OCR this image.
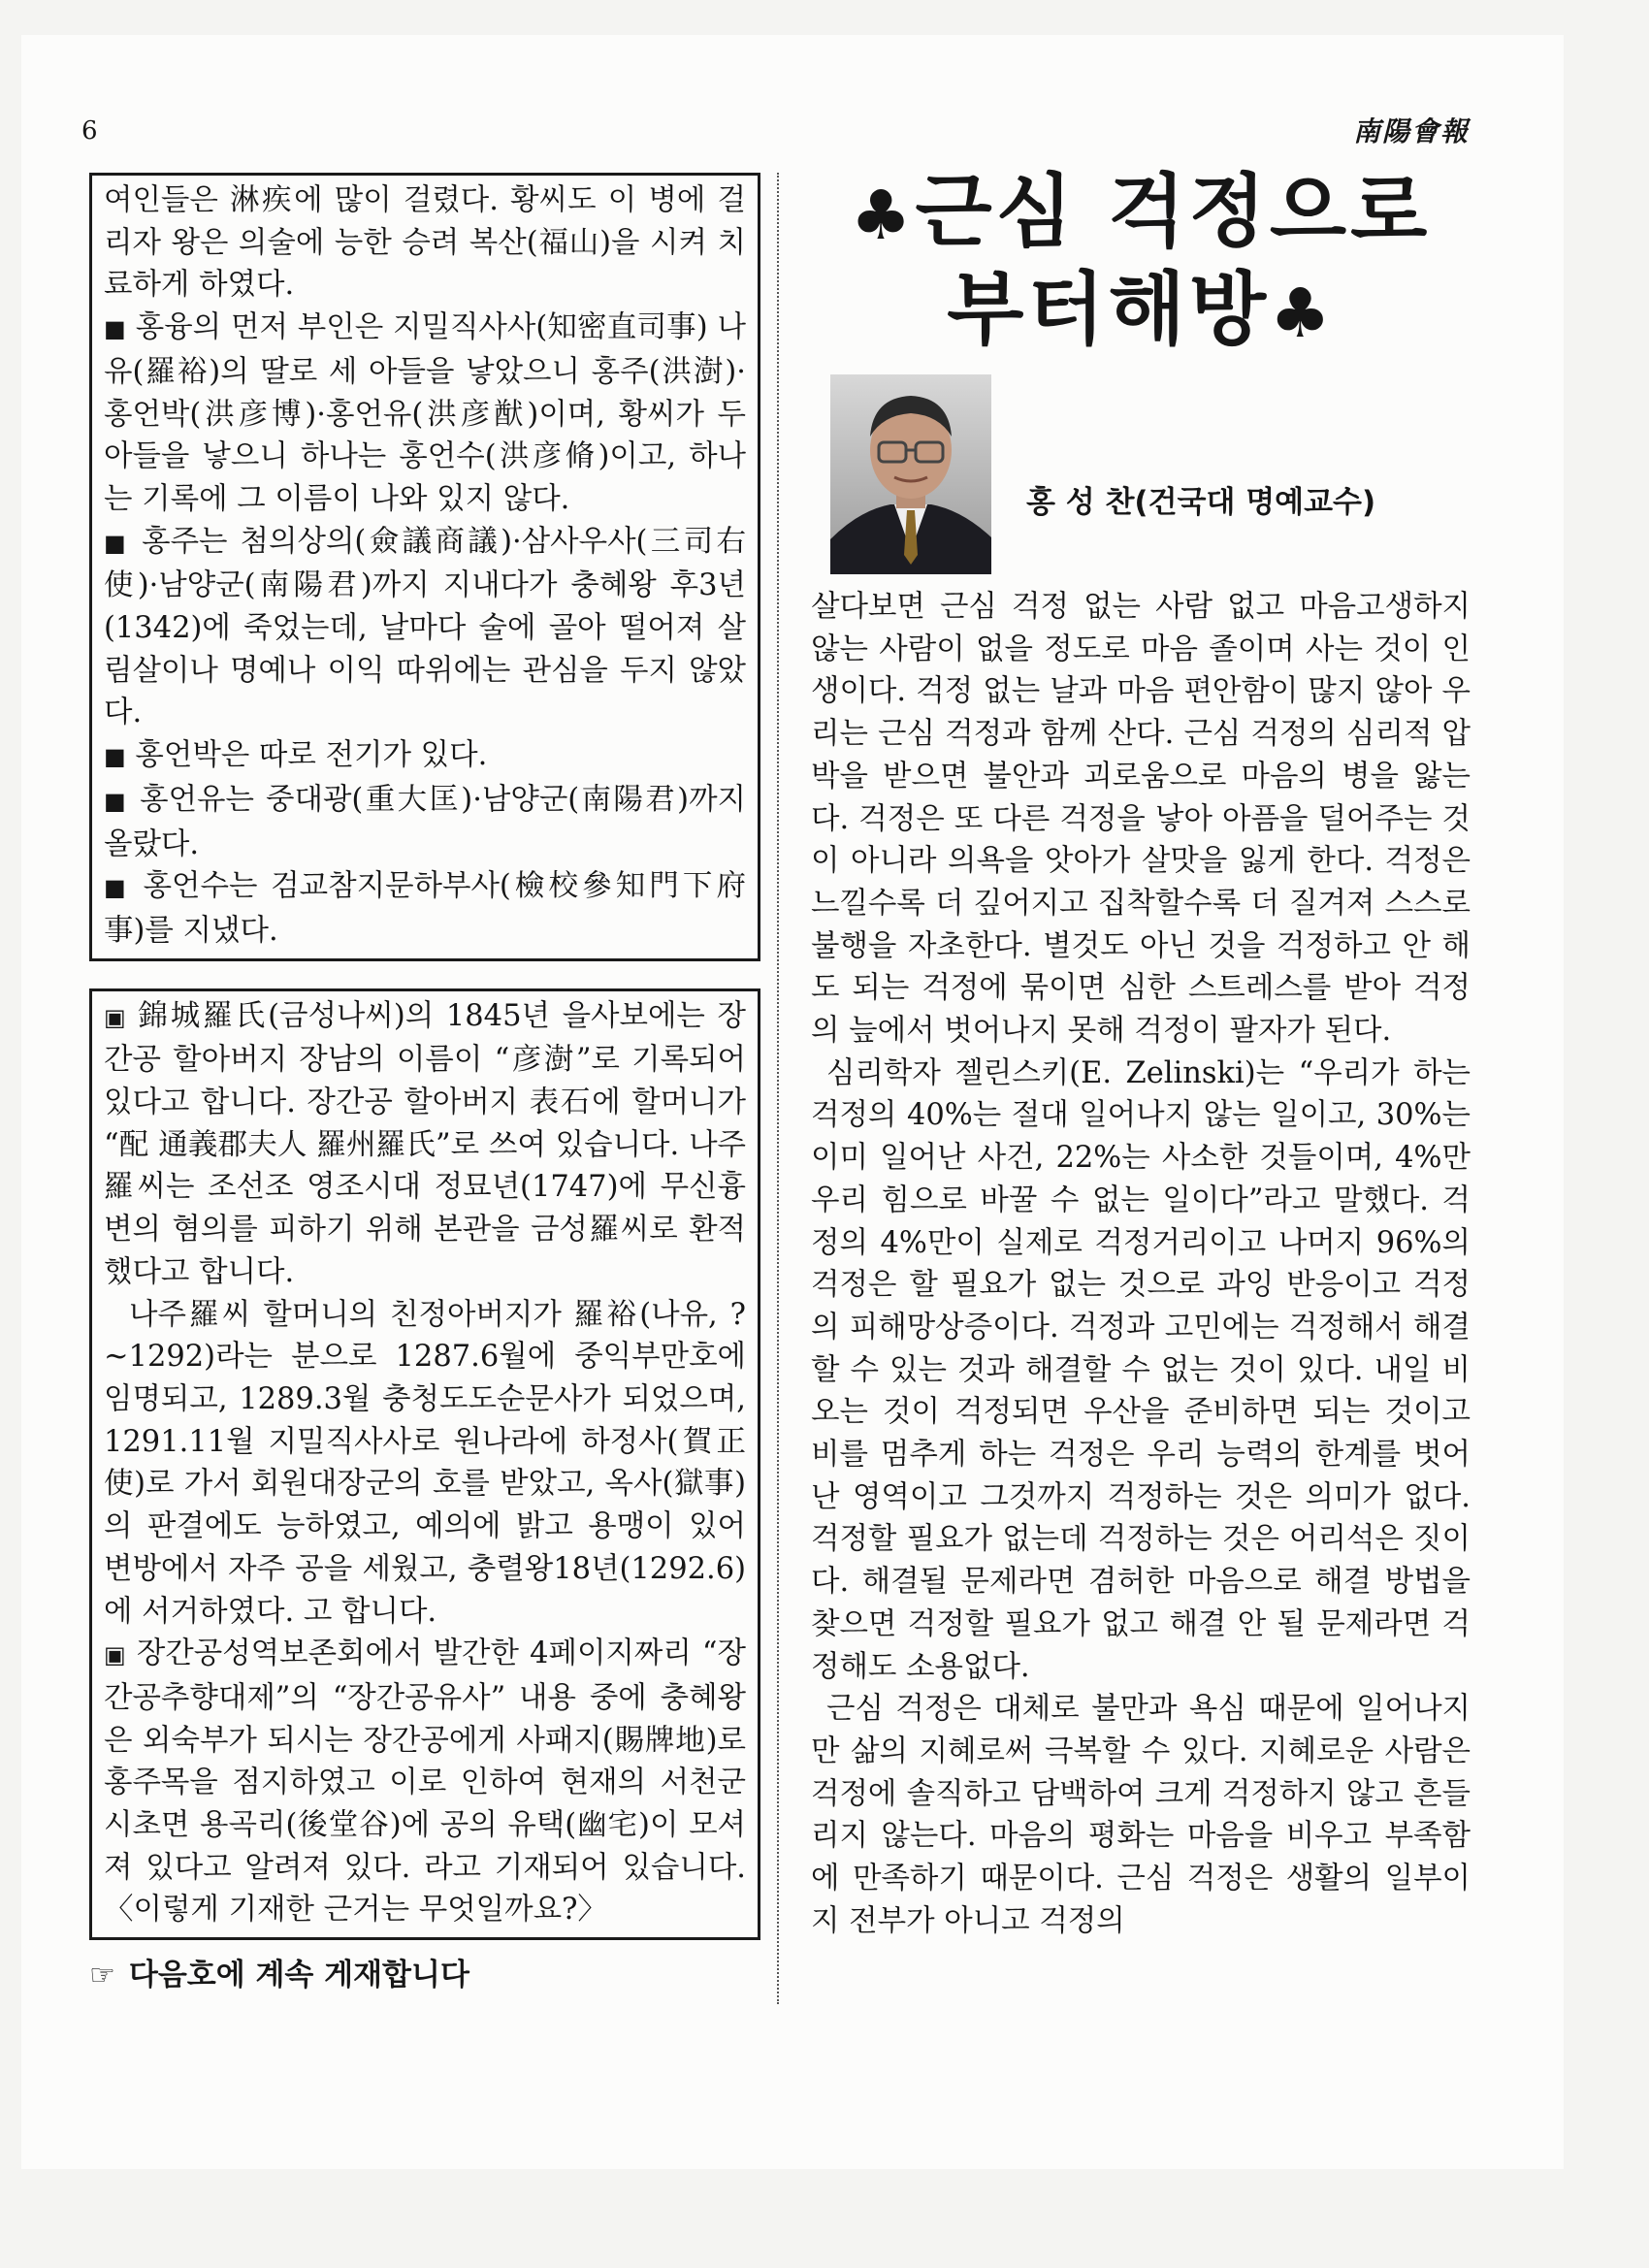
6	南陽會報

여인들은 淋疾에 많이 걸렸다. 황씨도 이 병에 걸리자 왕은 의술에 능한 승려 복산(福山)을 시켜 치료하게 하였다.

■ 홍융의 먼저 부인은 지밀직사사(知密直司事) 나유(羅裕)의 딸로 세 아들을 낳았으니 홍주(洪澍)·홍언박(洪彦博)·홍언유(洪彦猷)이며, 황씨가 두 아들을 낳으니 하나는 홍언수(洪彦脩)이고, 하나는 기록에 그 이름이 나와 있지 않다.

■ 홍주는 첨의상의(僉議商議)·삼사우사(三司右使)·남양군(南陽君)까지 지내다가 충혜왕 후3년(1342)에 죽었는데, 날마다 술에 골아 떨어져 살림살이나 명예나 이익 따위에는 관심을 두지 않았다.

■ 홍언박은 따로 전기가 있다.

■ 홍언유는 중대광(重大匡)·남양군(南陽君)까지 올랐다.

■ 홍언수는 검교참지문하부사(檢校參知門下府事)를 지냈다.

▣ 錦城羅氏(금성나씨)의 1845년 을사보에는 장간공 할아버지 장남의 이름이 “彦澍”로 기록되어 있다고 합니다. 장간공 할아버지 表石에 할머니가 “配 通義郡夫人 羅州羅氏”로 쓰여 있습니다. 나주羅씨는 조선조 영조시대 정묘년(1747)에 무신흉변의 혐의를 피하기 위해 본관을 금성羅씨로 환적했다고 합니다.

나주羅씨 할머니의 친정아버지가 羅裕(나유, ?~1292)라는 분으로 1287.6월에 중익부만호에 임명되고, 1289.3월 충청도도순문사가 되었으며, 1291.11월 지밀직사사로 원나라에 하정사(賀正使)로 가서 회원대장군의 호를 받았고, 옥사(獄事)의 판결에도 능하였고, 예의에 밝고 용맹이 있어 변방에서 자주 공을 세웠고, 충렬왕18년(1292.6)에 서거하였다. 고 합니다.

▣ 장간공성역보존회에서 발간한 4페이지짜리 “장간공추향대제”의 “장간공유사” 내용 중에 충혜왕은 외숙부가 되시는 장간공에게 사패지(賜牌地)로 홍주목을 점지하였고 이로 인하여 현재의 서천군 시초면 용곡리(後堂谷)에 공의 유택(幽宅)이 모셔져 있다고 알려져 있다. 라고 기재되어 있습니다. 〈이렇게 기재한 근거는 무엇일까요?〉

☞ 다음호에 계속 게재합니다
♣근심 걱정으로
부터해방♣
홍 성 찬(건국대 명예교수)

살다보면 근심 걱정 없는 사람 없고 마음고생하지 않는 사람이 없을 정도로 마음 졸이며 사는 것이 인생이다. 걱정 없는 날과 마음 편안함이 많지 않아 우리는 근심 걱정과 함께 산다. 근심 걱정의 심리적 압박을 받으면 불안과 괴로움으로 마음의 병을 앓는다. 걱정은 또 다른 걱정을 낳아 아픔을 덜어주는 것이 아니라 의욕을 앗아가 살맛을 잃게 한다. 걱정은 느낄수록 더 깊어지고 집착할수록 더 질겨져 스스로 불행을 자초한다. 별것도 아닌 것을 걱정하고 안 해도 되는 걱정에 묶이면 심한 스트레스를 받아 걱정의 늪에서 벗어나지 못해 걱정이 팔자가 된다.

심리학자 젤린스키(E. Zelinski)는 “우리가 하는 걱정의 40%는 절대 일어나지 않는 일이고, 30%는 이미 일어난 사건, 22%는 사소한 것들이며, 4%만 우리 힘으로 바꿀 수 없는 일이다”라고 말했다. 걱정의 4%만이 실제로 걱정거리이고 나머지 96%의 걱정은 할 필요가 없는 것으로 과잉 반응이고 걱정의 피해망상증이다. 걱정과 고민에는 걱정해서 해결할 수 있는 것과 해결할 수 없는 것이 있다. 내일 비 오는 것이 걱정되면 우산을 준비하면 되는 것이고 비를 멈추게 하는 걱정은 우리 능력의 한계를 벗어난 영역이고 그것까지 걱정하는 것은 의미가 없다. 걱정할 필요가 없는데 걱정하는 것은 어리석은 짓이다. 해결될 문제라면 겸허한 마음으로 해결 방법을 찾으면 걱정할 필요가 없고 해결 안 될 문제라면 걱정해도 소용없다.

근심 걱정은 대체로 불만과 욕심 때문에 일어나지만 삶의 지혜로써 극복할 수 있다. 지혜로운 사람은 걱정에 솔직하고 담백하여 크게 걱정하지 않고 흔들리지 않는다. 마음의 평화는 마음을 비우고 부족함에 만족하기 때문이다. 근심 걱정은 생활의 일부이지 전부가 아니고 걱정의
